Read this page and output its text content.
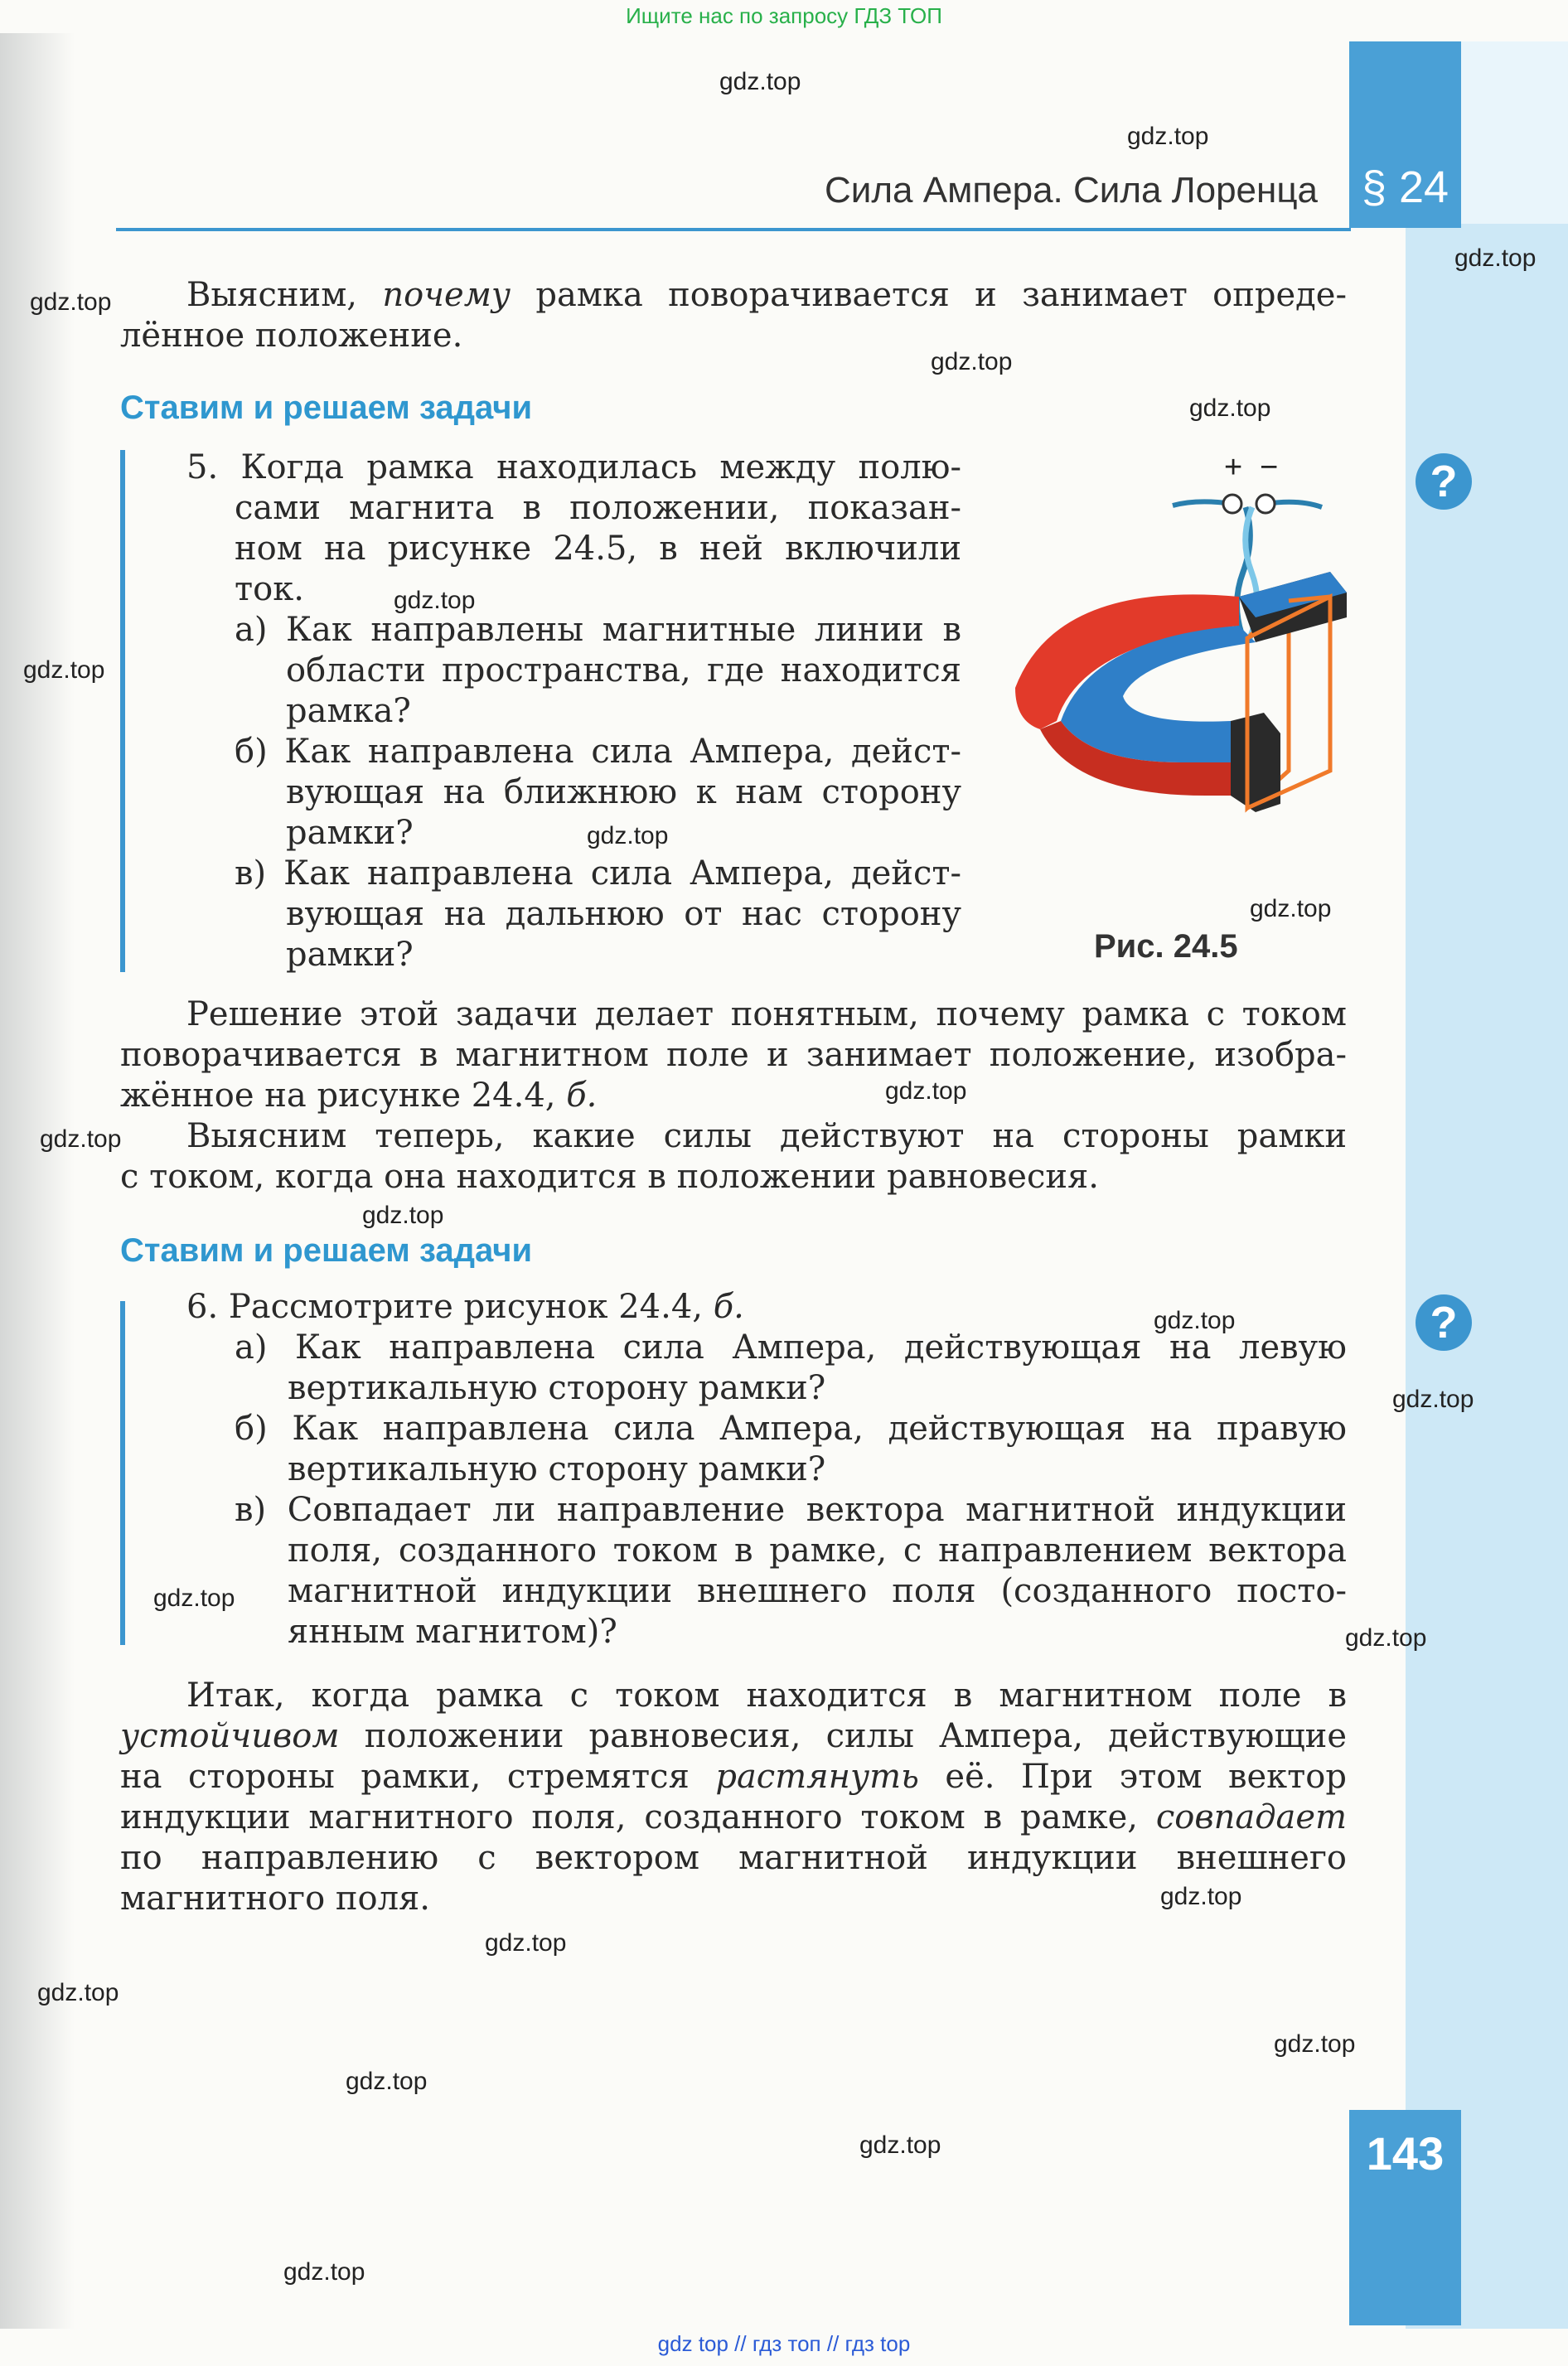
Ищите нас по запросу ГДЗ ТОП
§ 24
Сила Ампера. Сила Лоренца
Выясним, почему рамка поворачивается и занимает опреде-
лённое положение.
Ставим и решаем задачи
5. Когда рамка находилась между полю-
сами магнита в положении, показан-
ном на рисунке 24.5, в ней включили
ток.
а) Как направлены магнитные линии в
области пространства, где находится
рамка?
б) Как направлена сила Ампера, дейст-
вующая на ближнюю к нам сторону
рамки?
в) Как направлена сила Ампера, дейст-
вующая на дальнюю от нас сторону
рамки?
?
+ −
Рис. 24.5
Решение этой задачи делает понятным, почему рамка с током
поворачивается в магнитном поле и занимает положение, изобра-
жённое на рисунке 24.4, б.
Выясним теперь, какие силы действуют на стороны рамки
с током, когда она находится в положении равновесия.
Ставим и решаем задачи
6. Рассмотрите рисунок 24.4, б.
а) Как направлена сила Ампера, действующая на левую
вертикальную сторону рамки?
б) Как направлена сила Ампера, действующая на правую
вертикальную сторону рамки?
в) Совпадает ли направление вектора магнитной индукции
поля, созданного током в рамке, с направлением вектора
магнитной индукции внешнего поля (созданного посто-
янным магнитом)?
?
Итак, когда рамка с током находится в магнитном поле в
устойчивом положении равновесия, силы Ампера, действующие
на стороны рамки, стремятся растянуть её. При этом вектор
индукции магнитного поля, созданного током в рамке, совпадает
по направлению с вектором магнитной индукции внешнего
магнитного поля.
143
gdz.top
gdz.top
gdz.top
gdz.top
gdz.top
gdz.top
gdz.top
gdz.top
gdz.top
gdz.top
gdz.top
gdz.top
gdz.top
gdz.top
gdz.top
gdz.top
gdz.top
gdz.top
gdz.top
gdz.top
gdz.top
gdz.top
gdz.top
gdz.top
gdz top // гдз топ // гдз top
